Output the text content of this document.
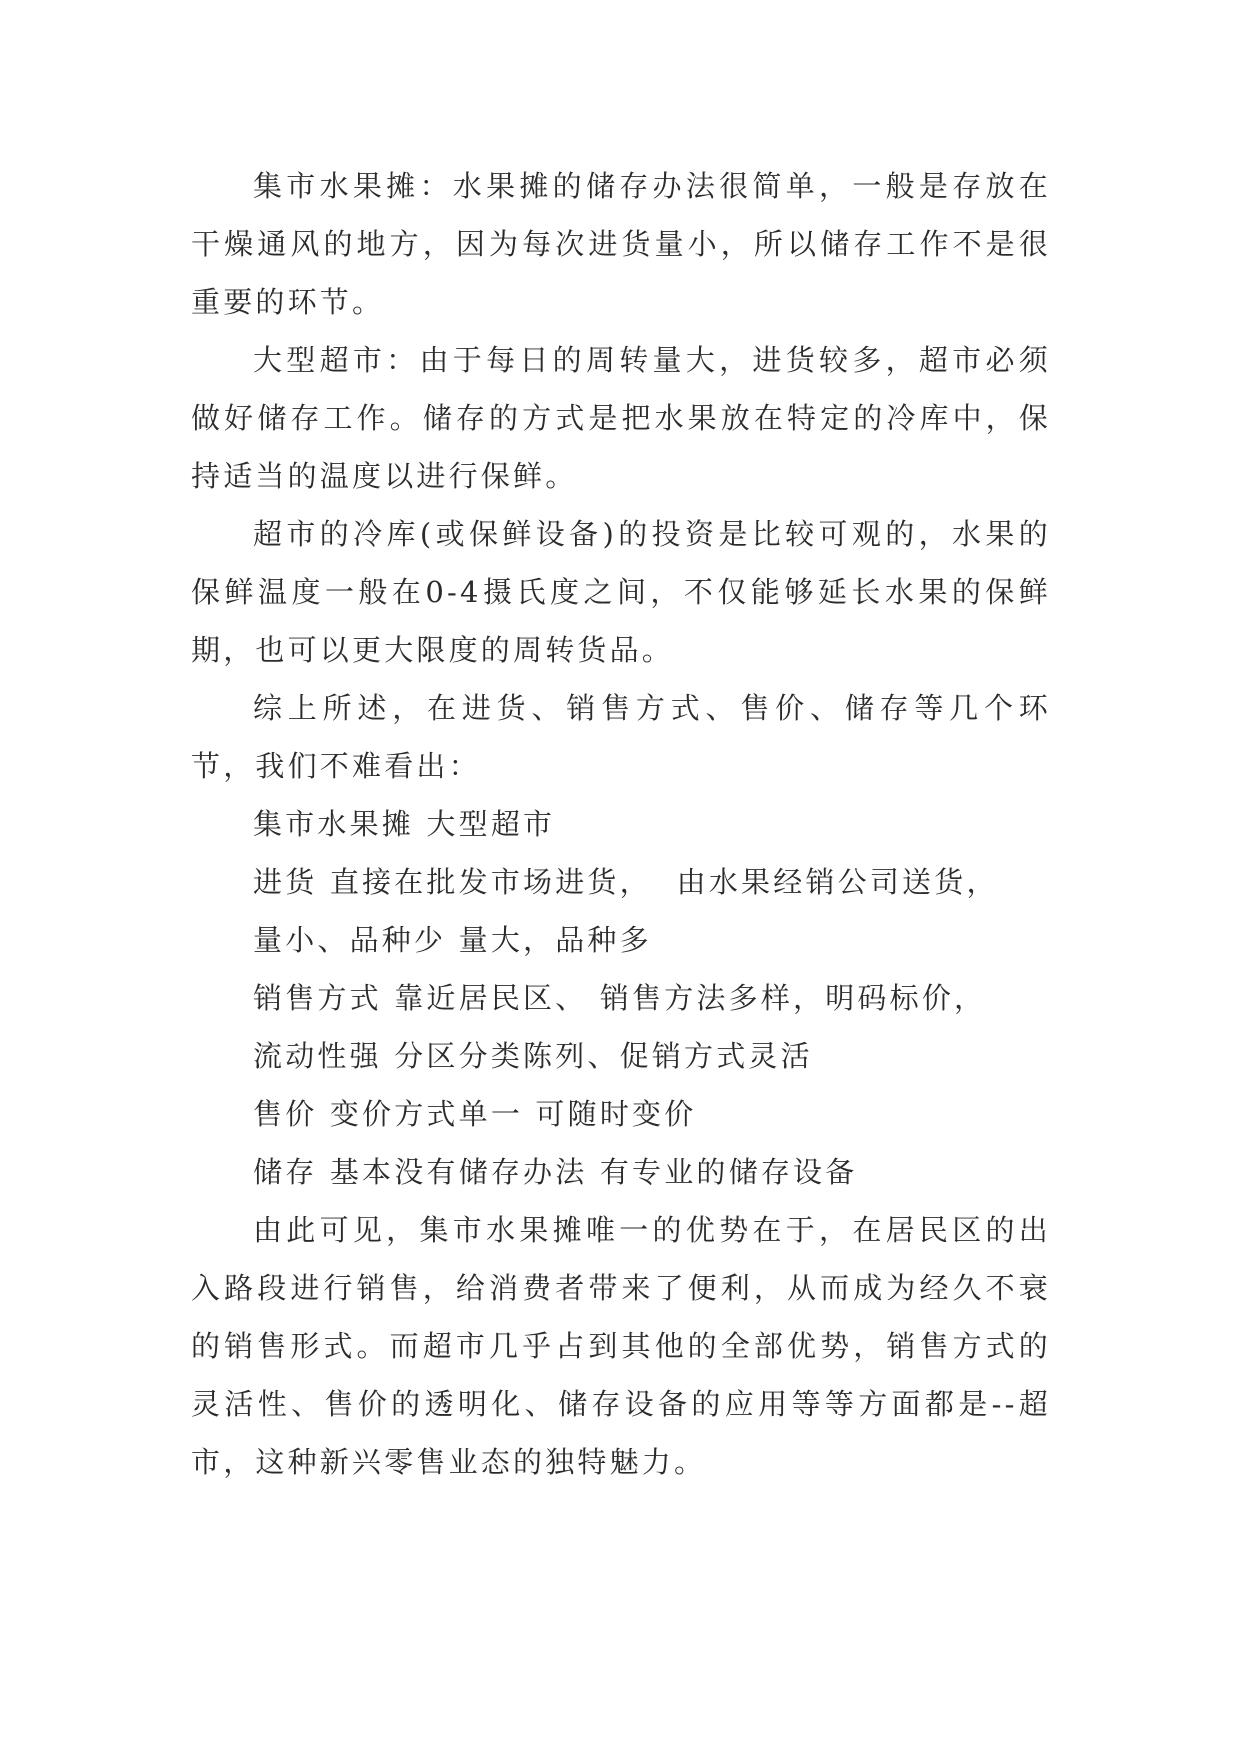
集市水果摊：水果摊的储存办法很简单，一般是存放在干燥通风的地方，因为每次进货量小，所以储存工作不是很重要的环节。

大型超市：由于每日的周转量大，进货较多，超市必须做好储存工作。储存的方式是把水果放在特定的冷库中，保持适当的温度以进行保鲜。

超市的冷库(或保鲜设备)的投资是比较可观的，水果的保鲜温度一般在0-4摄氏度之间，不仅能够延长水果的保鲜期，也可以更大限度的周转货品。

综上所述，在进货、销售方式、售价、储存等几个环节，我们不难看出：

集市水果摊 大型超市

进货 直接在批发市场进货，  由水果经销公司送货，

量小、品种少 量大，品种多

销售方式 靠近居民区、 销售方法多样，明码标价，

流动性强 分区分类陈列、促销方式灵活

售价 变价方式单一 可随时变价

储存 基本没有储存办法 有专业的储存设备

由此可见，集市水果摊唯一的优势在于，在居民区的出入路段进行销售，给消费者带来了便利，从而成为经久不衰的销售形式。而超市几乎占到其他的全部优势，销售方式的灵活性、售价的透明化、储存设备的应用等等方面都是--超市，这种新兴零售业态的独特魅力。
